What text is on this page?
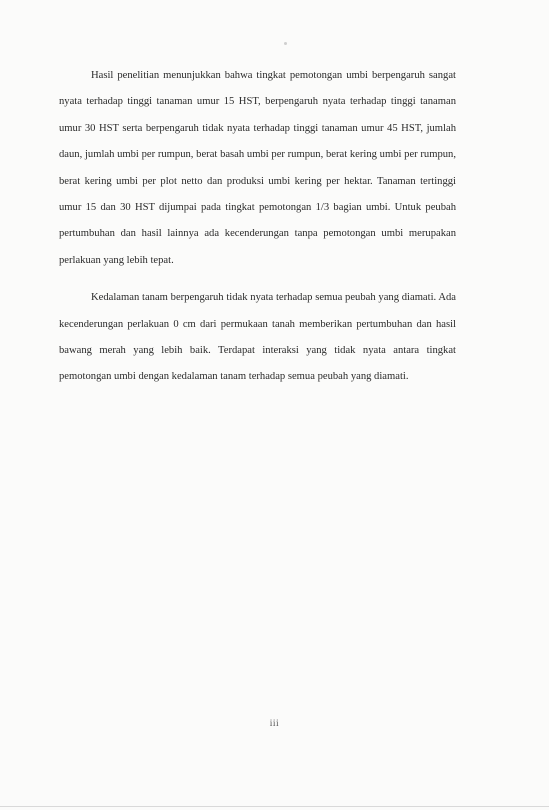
Hasil penelitian menunjukkan bahwa tingkat pemotongan umbi berpengaruh sangat nyata terhadap tinggi tanaman umur 15 HST, berpengaruh nyata terhadap tinggi tanaman umur 30 HST serta berpengaruh tidak nyata terhadap tinggi tanaman umur 45 HST, jumlah daun, jumlah umbi per rumpun, berat basah umbi per rumpun, berat kering umbi per rumpun, berat kering umbi per plot netto dan produksi umbi kering per hektar. Tanaman tertinggi umur 15 dan 30 HST dijumpai pada tingkat pemotongan 1/3 bagian umbi. Untuk peubah pertumbuhan dan hasil lainnya ada kecenderungan tanpa pemotongan umbi merupakan perlakuan yang lebih tepat.

Kedalaman tanam berpengaruh tidak nyata terhadap semua peubah yang diamati. Ada kecenderungan perlakuan 0 cm dari permukaan tanah memberikan pertumbuhan dan hasil bawang merah yang lebih baik. Terdapat interaksi yang tidak nyata antara tingkat pemotongan umbi dengan kedalaman tanam terhadap semua peubah yang diamati.

iii
